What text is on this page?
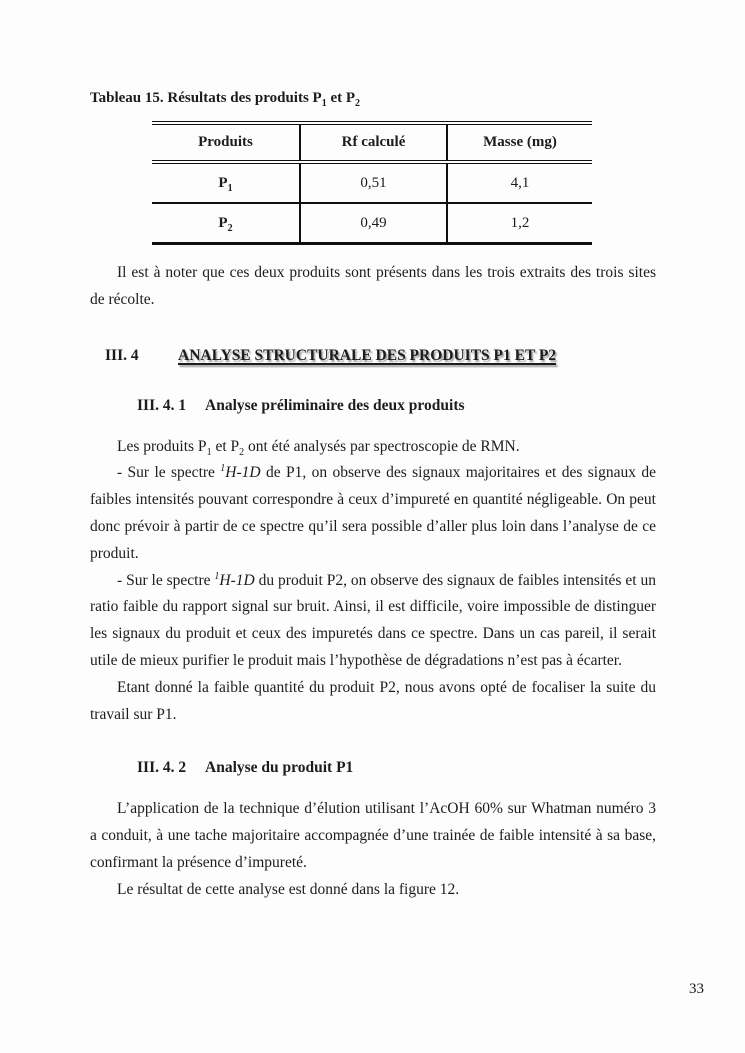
Tableau 15. Résultats des produits $P_1$ et $P_2$

Produits	Rf calculé	Masse (mg)
$P_1$	0,51	4,1
$P_2$	0,49	1,2

Il est à noter que ces deux produits sont présents dans les trois extraits des trois sites de récolte.

III. 4	ANALYSE STRUCTURALE DES PRODUITS P1 ET P2
III. 4. 1 Analyse préliminaire des deux produits

Les produits $P_1$ et $P_2$ ont été analysés par spectroscopie de RMN.

- Sur le spectre $^1$H-1D de P1, on observe des signaux majoritaires et des signaux de faibles intensités pouvant correspondre à ceux d’impureté en quantité négligeable. On peut donc prévoir à partir de ce spectre qu’il sera possible d’aller plus loin dans l’analyse de ce produit.

- Sur le spectre $^1$H-1D du produit P2, on observe des signaux de faibles intensités et un ratio faible du rapport signal sur bruit. Ainsi, il est difficile, voire impossible de distinguer les signaux du produit et ceux des impuretés dans ce spectre. Dans un cas pareil, il serait utile de mieux purifier le produit mais l’hypothèse de dégradations n’est pas à écarter.

Etant donné la faible quantité du produit P2, nous avons opté de focaliser la suite du travail sur P1.

III. 4. 2 Analyse du produit P1

L’application de la technique d’élution utilisant l’AcOH 60% sur Whatman numéro 3 a conduit, à une tache majoritaire accompagnée d’une trainée de faible intensité à sa base, confirmant la présence d’impureté.

Le résultat de cette analyse est donné dans la figure 12.

33
